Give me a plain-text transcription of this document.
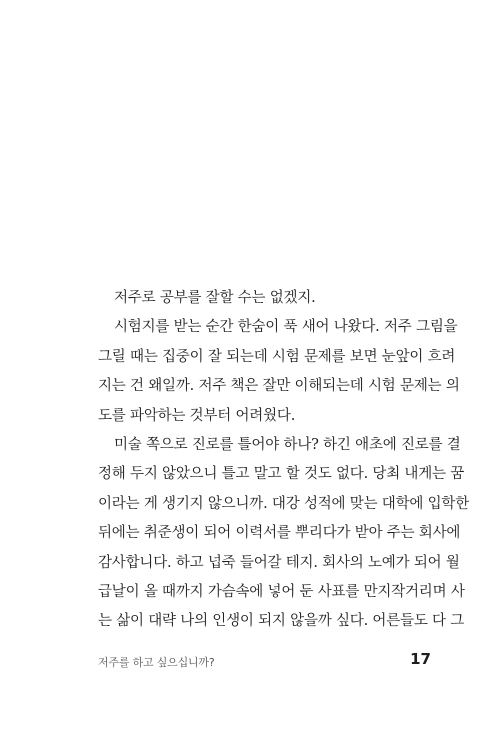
저주로 공부를 잘할 수는 없겠지.
시험지를 받는 순간 한숨이 푹 새어 나왔다. 저주 그림을
그릴 때는 집중이 잘 되는데 시험 문제를 보면 눈앞이 흐려
지는 건 왜일까. 저주 책은 잘만 이해되는데 시험 문제는 의
도를 파악하는 것부터 어려웠다.
미술 쪽으로 진로를 틀어야 하나? 하긴 애초에 진로를 결
정해 두지 않았으니 틀고 말고 할 것도 없다. 당최 내게는 꿈
이라는 게 생기지 않으니까. 대강 성적에 맞는 대학에 입학한
뒤에는 취준생이 되어 이력서를 뿌리다가 받아 주는 회사에
감사합니다. 하고 넙죽 들어갈 테지. 회사의 노예가 되어 월
급날이 올 때까지 가슴속에 넣어 둔 사표를 만지작거리며 사
는 삶이 대략 나의 인생이 되지 않을까 싶다. 어른들도 다 그
저주를 하고 싶으십니까?	17
